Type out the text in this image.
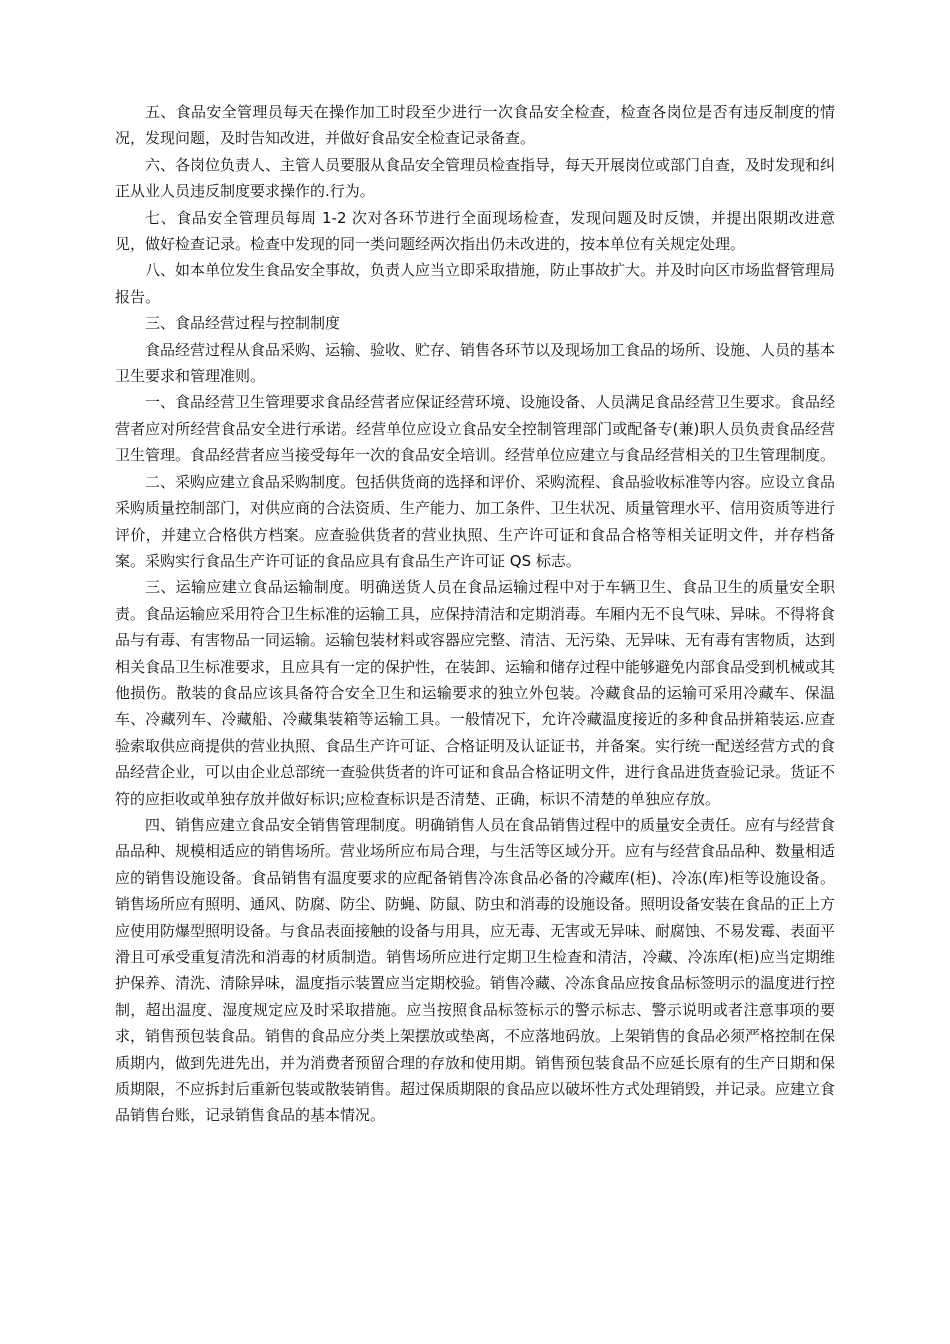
五、食品安全管理员每天在操作加工时段至少进行一次食品安全检查，检查各岗位是否有违反制度的情况，发现问题，及时告知改进，并做好食品安全检查记录备查。

六、各岗位负责人、主管人员要服从食品安全管理员检查指导，每天开展岗位或部门自查，及时发现和纠正从业人员违反制度要求操作的.行为。

七、食品安全管理员每周 1-2 次对各环节进行全面现场检查，发现问题及时反馈，并提出限期改进意见，做好检查记录。检查中发现的同一类问题经两次指出仍未改进的，按本单位有关规定处理。

八、如本单位发生食品安全事故，负责人应当立即采取措施，防止事故扩大。并及时向区市场监督管理局报告。

三、食品经营过程与控制制度

食品经营过程从食品采购、运输、验收、贮存、销售各环节以及现场加工食品的场所、设施、人员的基本卫生要求和管理准则。

一、食品经营卫生管理要求食品经营者应保证经营环境、设施设备、人员满足食品经营卫生要求。食品经营者应对所经营食品安全进行承诺。经营单位应设立食品安全控制管理部门或配备专(兼)职人员负责食品经营卫生管理。食品经营者应当接受每年一次的食品安全培训。经营单位应建立与食品经营相关的卫生管理制度。

二、采购应建立食品采购制度。包括供货商的选择和评价、采购流程、食品验收标准等内容。应设立食品采购质量控制部门，对供应商的合法资质、生产能力、加工条件、卫生状况、质量管理水平、信用资质等进行评价，并建立合格供方档案。应查验供货者的营业执照、生产许可证和食品合格等相关证明文件，并存档备案。采购实行食品生产许可证的食品应具有食品生产许可证 QS 标志。

三、运输应建立食品运输制度。明确送货人员在食品运输过程中对于车辆卫生、食品卫生的质量安全职责。食品运输应采用符合卫生标准的运输工具，应保持清洁和定期消毒。车厢内无不良气味、异味。不得将食品与有毒、有害物品一同运输。运输包装材料或容器应完整、清洁、无污染、无异味、无有毒有害物质，达到相关食品卫生标准要求，且应具有一定的保护性，在装卸、运输和储存过程中能够避免内部食品受到机械或其他损伤。散装的食品应该具备符合安全卫生和运输要求的独立外包装。冷藏食品的运输可采用冷藏车、保温车、冷藏列车、冷藏船、冷藏集装箱等运输工具。一般情况下，允许冷藏温度接近的多种食品拼箱装运.应查验索取供应商提供的营业执照、食品生产许可证、合格证明及认证证书，并备案。实行统一配送经营方式的食品经营企业，可以由企业总部统一查验供货者的许可证和食品合格证明文件，进行食品进货查验记录。货证不符的应拒收或单独存放并做好标识;应检查标识是否清楚、正确，标识不清楚的单独应存放。

四、销售应建立食品安全销售管理制度。明确销售人员在食品销售过程中的质量安全责任。应有与经营食品品种、规模相适应的销售场所。营业场所应布局合理，与生活等区域分开。应有与经营食品品种、数量相适应的销售设施设备。食品销售有温度要求的应配备销售冷冻食品必备的冷藏库(柜)、冷冻(库)柜等设施设备。销售场所应有照明、通风、防腐、防尘、防蝇、防鼠、防虫和消毒的设施设备。照明设备安装在食品的正上方应使用防爆型照明设备。与食品表面接触的设备与用具，应无毒、无害或无异味、耐腐蚀、不易发霉、表面平滑且可承受重复清洗和消毒的材质制造。销售场所应进行定期卫生检查和清洁，冷藏、冷冻库(柜)应当定期维护保养、清洗、清除异味，温度指示装置应当定期校验。销售冷藏、冷冻食品应按食品标签明示的温度进行控制，超出温度、湿度规定应及时采取措施。应当按照食品标签标示的警示标志、警示说明或者注意事项的要求，销售预包装食品。销售的食品应分类上架摆放或垫离，不应落地码放。上架销售的食品必须严格控制在保质期内，做到先进先出，并为消费者预留合理的存放和使用期。销售预包装食品不应延长原有的生产日期和保质期限，不应拆封后重新包装或散装销售。超过保质期限的食品应以破坏性方式处理销毁，并记录。应建立食品销售台账，记录销售食品的基本情况。
